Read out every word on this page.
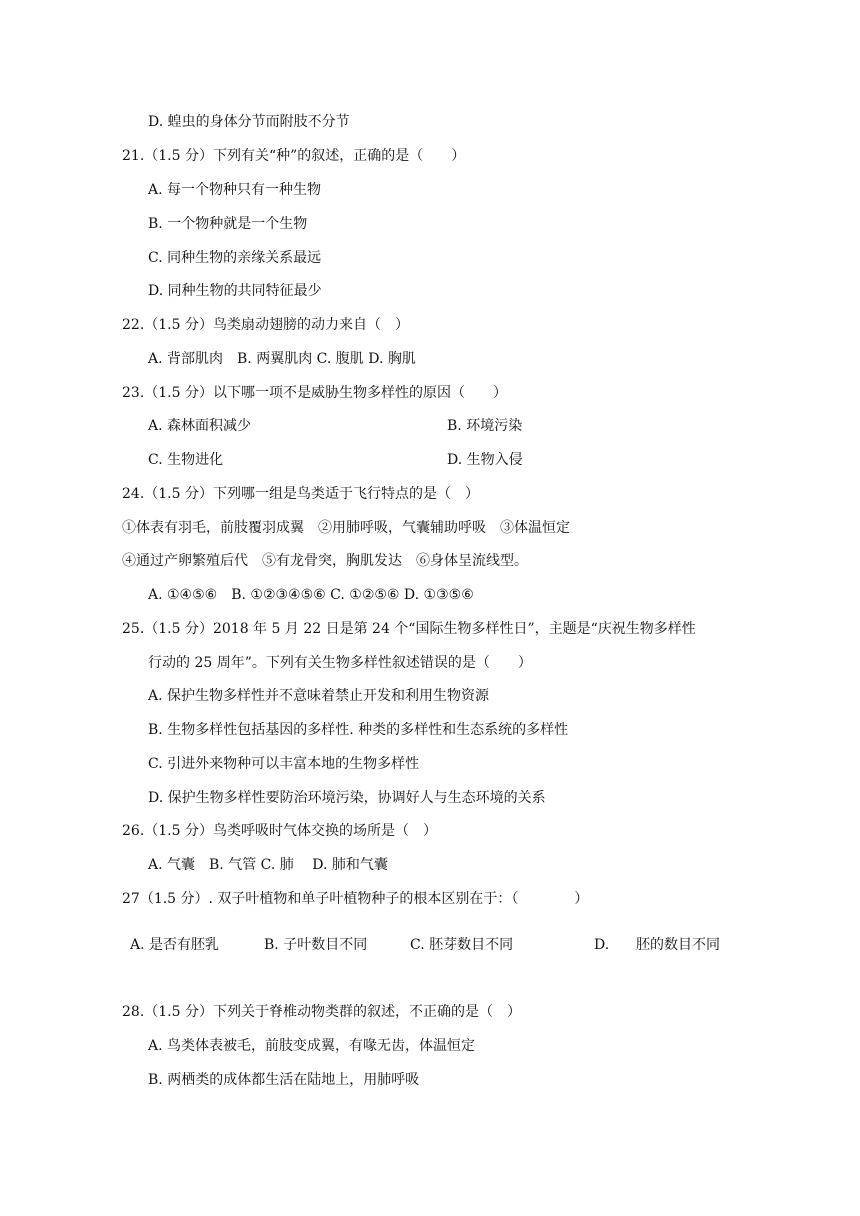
D. 蝗虫的身体分节而附肢不分节
21.（1.5 分）下列有关“种”的叙述，正确的是（　　）
A. 每一个物种只有一种生物
B. 一个物种就是一个生物
C. 同种生物的亲缘关系最远
D. 同种生物的共同特征最少
22.（1.5 分）鸟类扇动翅膀的动力来自（　）
A. 背部肌肉　B. 两翼肌肉 C. 腹肌 D. 胸肌
23.（1.5 分）以下哪一项不是威胁生物多样性的原因（　　）
A. 森林面积减少	B. 环境污染
C. 生物进化	D. 生物入侵
24.（1.5 分）下列哪一组是鸟类适于飞行特点的是（　）
①体表有羽毛，前肢覆羽成翼　②用肺呼吸，气囊辅助呼吸　③体温恒定
④通过产卵繁殖后代　⑤有龙骨突，胸肌发达　⑥身体呈流线型。
A. ①④⑤⑥　B. ①②③④⑤⑥ C. ①②⑤⑥ D. ①③⑤⑥
25.（1.5 分）2018 年 5 月 22 日是第 24 个“国际生物多样性日”，主题是“庆祝生物多样性
行动的 25 周年”。下列有关生物多样性叙述错误的是（　　）
A. 保护生物多样性并不意味着禁止开发和利用生物资源
B. 生物多样性包括基因的多样性. 种类的多样性和生态系统的多样性
C. 引进外来物种可以丰富本地的生物多样性
D. 保护生物多样性要防治环境污染，协调好人与生态环境的关系
26.（1.5 分）鸟类呼吸时气体交换的场所是（　）
A. 气囊　B. 气管 C. 肺　 D. 肺和气囊
27（1.5 分）. 双子叶植物和单子叶植物种子的根本区别在于：（　　　　）
A. 是否有胚乳	B. 子叶数目不同	C. 胚芽数目不同	D. 胚的数目不同
28.（1.5 分）下列关于脊椎动物类群的叙述，不正确的是（　）
A. 鸟类体表被毛，前肢变成翼，有喙无齿，体温恒定
B. 两栖类的成体都生活在陆地上，用肺呼吸
